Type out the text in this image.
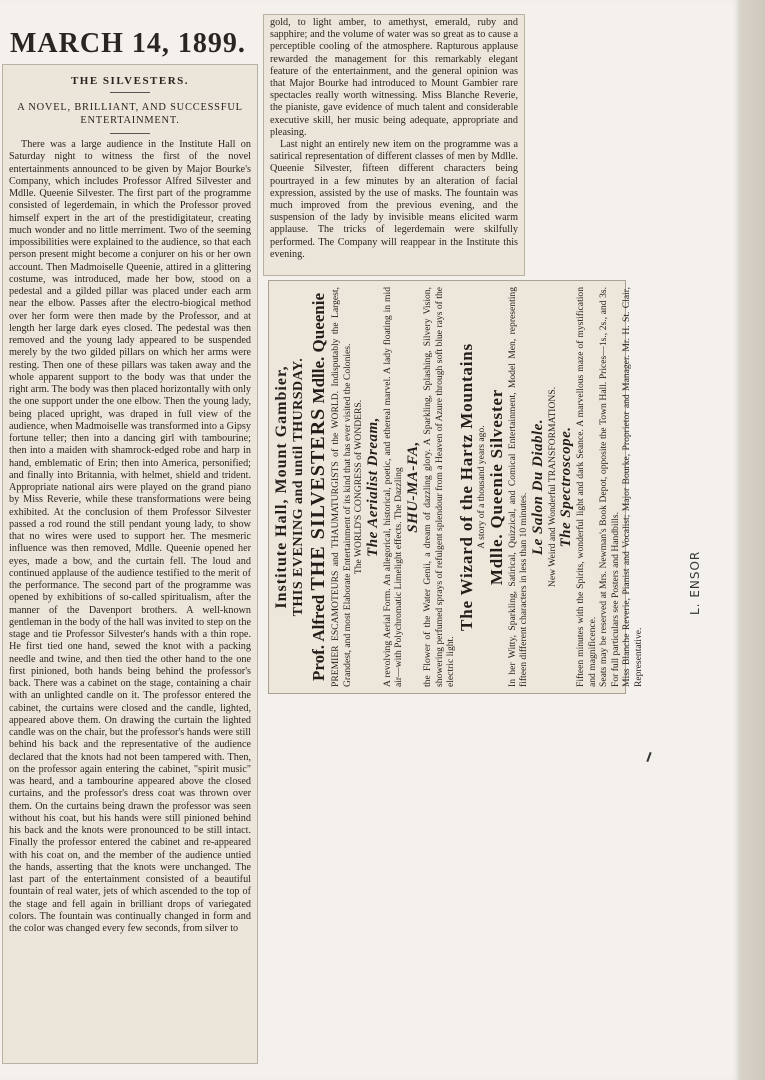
MARCH 14, 1899.
THE SILVESTERS.
A NOVEL, BRILLIANT, AND SUCCESSFUL ENTERTAINMENT.

There was a large audience in the Institute Hall on Saturday night to witness the first of the novel entertainments announced to be given by Major Bourke's Company, which includes Professor Alfred Silvester and Mdlle. Queenie Silvester. The first part of the programme consisted of legerdemain, in which the Professor proved himself expert in the art of the prestidigitateur, creating much wonder and no little merriment. Two of the seeming impossibilities were explained to the audience, so that each person present might become a conjurer on his or her own account. Then Madmoiselle Queenie, attired in a glittering costume, was introduced, made her bow, stood on a pedestal and a gilded pillar was placed under each arm near the elbow. Passes after the electro-biogical method over her form were then made by the Professor, and at length her large dark eyes closed. The pedestal was then removed and the young lady appeared to be suspended merely by the two gilded pillars on which her arms were resting. Then one of these pillars was taken away and the whole apparent support to the body was that under the right arm. The body was then placed horizontally with only the one support under the one elbow. Then the young lady, being placed upright, was draped in full view of the audience, when Madmoiselle was transformed into a Gipsy fortune teller; then into a dancing girl with tambourine; then into a maiden with shamrock-edged robe and harp in hand, emblematic of Erin; then into America, personified; and finally into Britannia, with helmet, shield and trident. Appropriate national airs were played on the grand piano by Miss Reverie, while these transformations were being exhibited. At the conclusion of them Professor Silvester passed a rod round the still pendant young lady, to show that no wires were used to support her. The mesmeric influence was then removed, Mdlle. Queenie opened her eyes, made a bow, and the curtain fell. The loud and continued applause of the audience testified to the merit of the performance. The second part of the programme was opened by exhibitions of so-called spiritualism, after the manner of the Davenport brothers. A well-known gentleman in the body of the hall was invited to step on the stage and tie Professor Silvester's hands with a thin rope. He first tied one hand, sewed the knot with a packing needle and twine, and then tied the other hand to the one first pinioned, both hands being behind the professor's back. There was a cabinet on the stage, containing a chair with an unlighted candle on it. The professor entered the cabinet, the curtains were closed and the candle, lighted, appeared above them. On drawing the curtain the lighted candle was on the chair, but the professor's hands were still behind his back and the representative of the audience declared that the knots had not been tampered with. Then, on the professor again entering the cabinet, "spirit music" was heard, and a tambourine appeared above the closed curtains, and the professor's dress coat was thrown over them. On the curtains being drawn the professor was seen without his coat, but his hands were still pinioned behind his back and the knots were pronounced to be still intact. Finally the professor entered the cabinet and re-appeared with his coat on, and the member of the audience untied the hands, asserting that the knots were unchanged. The last part of the entertainment consisted of a beautiful fountain of real water, jets of which ascended to the top of the stage and fell again in brilliant drops of variegated colors. The fountain was continually changed in form and the color was changed every few seconds, from silver to

gold, to light amber, to amethyst, emerald, ruby and sapphire; and the volume of water was so great as to cause a perceptible cooling of the atmosphere. Rapturous applause rewarded the management for this remarkably elegant feature of the entertainment, and the general opinion was that Major Bourke had introduced to Mount Gambier rare spectacles really worth witnessing. Miss Blanche Reverie, the pianiste, gave evidence of much talent and considerable executive skill, her music being adequate, appropriate and pleasing.

Last night an entirely new item on the programme was a satirical representation of different classes of men by Mdlle. Queenie Silvester, fifteen different characters being pourtrayed in a few minutes by an alteration of facial expression, assisted by the use of masks. The fountain was much improved from the previous evening, and the suspension of the lady by invisible means elicited warm applause. The tricks of legerdemain were skilfully performed. The Company will reappear in the Institute this evening.

Institute Hall, Mount Gambier, THIS EVENING and until THURSDAY.

Prof. Alfred THE SILVESTERS Mdlle. Queenie PREMIER ESCAMOTEURS and THAUMATURGISTS of the WORLD. Indisputably the Largest, Grandest, and most Elaborate Entertainment of its kind that has ever visited the Colonies. The WORLD'S CONGRESS of WONDERS. The Aerialist Dream, A revolving Aerial Form. An allegorical, historical, poetic, and ethereal marvel. A lady floating in mid air—with Polychromatic Limelight effects. The Dazzling SHU-MA-FA, the Flower of the Water Genii, a dream of dazzling glory. A Sparkling, Splashing, Silvery Vision, showering perfumed sprays of refulgent splendour from a Heaven of Azure through soft blue rays of the electric light.

The Wizard of the Hartz Mountains A story of a thousand years ago. Mdlle. Queenie Silvester In her Witty, Sparkling, Satirical, Quizzical, and Comical Entertainment, Model Men, representing fifteen different characters in less than 10 minutes.

Le Salon Du Diable. New Weird and Wonderful TRANSFORMATIONS. The Spectroscope. Fifteen minutes with the Spirits, wonderful light and dark Seance. A marvellous maze of mystification and magnificence. Seats may be reserved at Mrs. Newman's Book Depot, opposite the Town Hall. Prices—1s., 2s., and 3s. For full particulars see Posters and Handbills. Miss Blanche Reverie, Pianist and Vocalist; Major Bourke, Proprietor and Manager. Mr. H. St. Clair, Representative.

L. ENSOR
